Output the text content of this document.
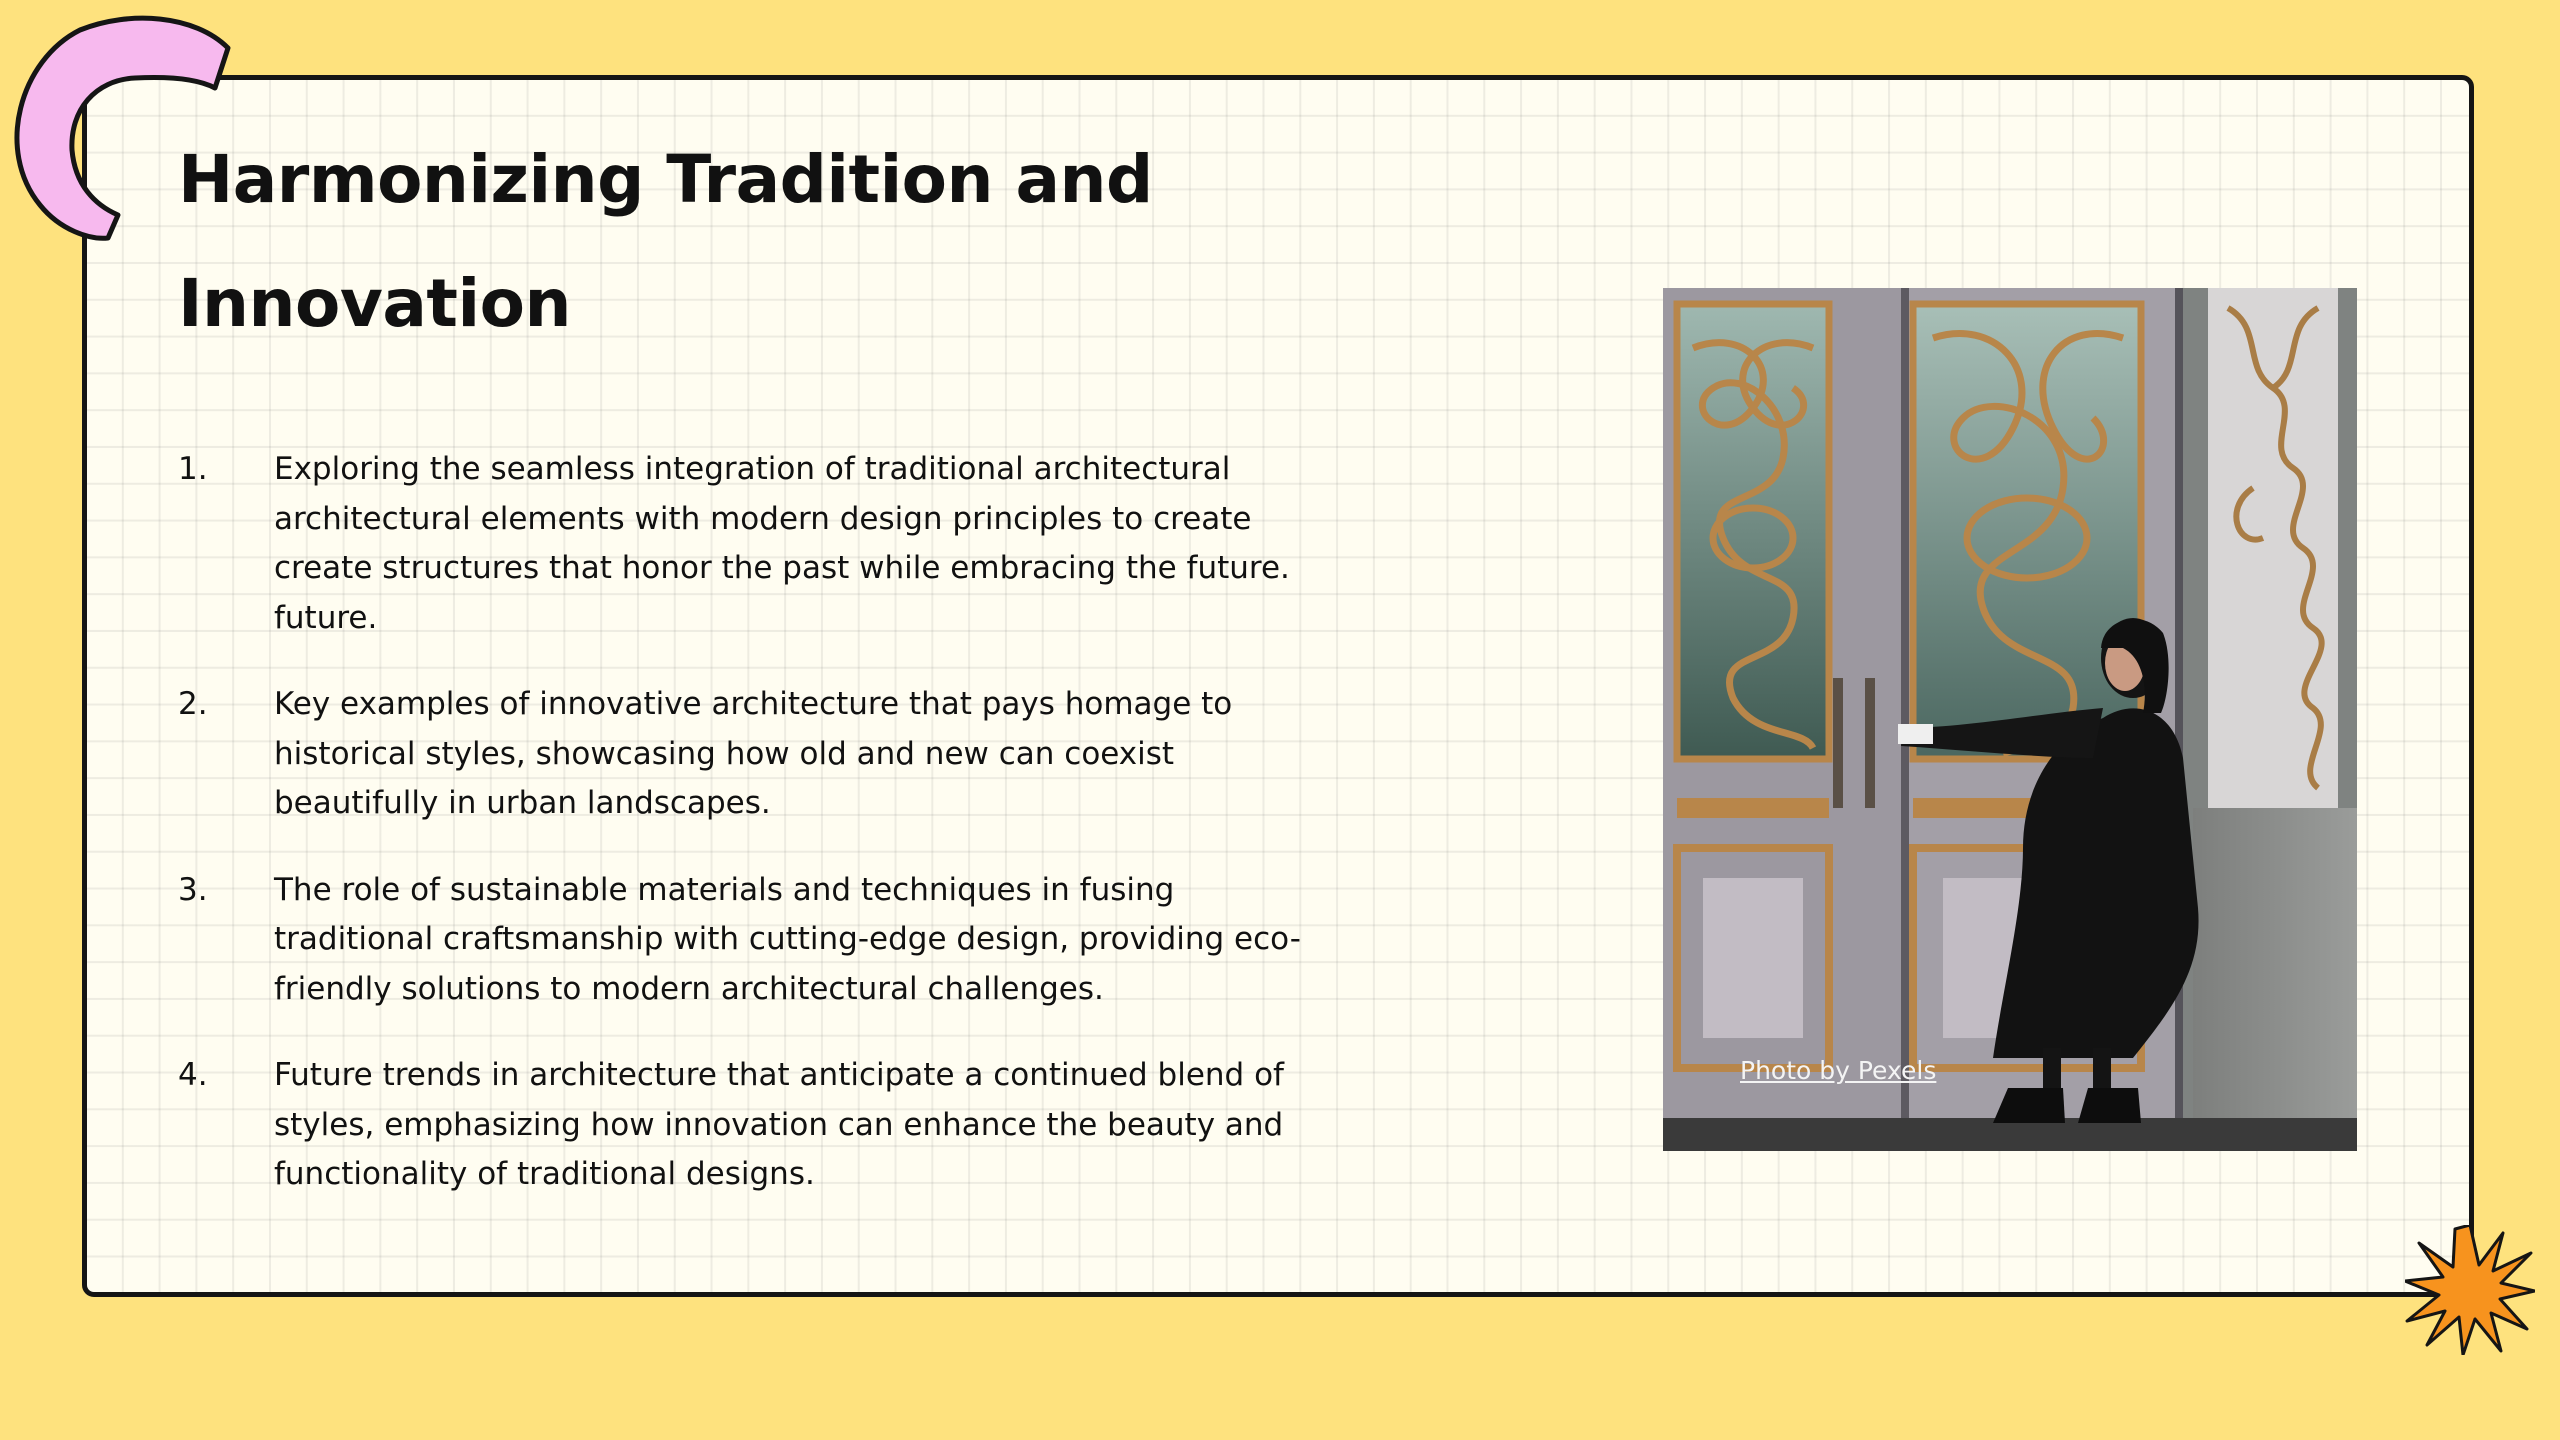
Harmonizing Tradition and Innovation
1.	Exploring the seamless integration of traditional architectural architectural elements with modern design principles to create create structures that honor the past while embracing the future. future.
2.	Key examples of innovative architecture that pays homage to historical styles, showcasing how old and new can coexist beautifully in urban landscapes.
3.	The role of sustainable materials and techniques in fusing traditional craftsmanship with cutting-edge design, providing eco-friendly solutions to modern architectural challenges.
4.	Future trends in architecture that anticipate a continued blend of styles, emphasizing how innovation can enhance the beauty and functionality of traditional designs.
Photo by Pexels
